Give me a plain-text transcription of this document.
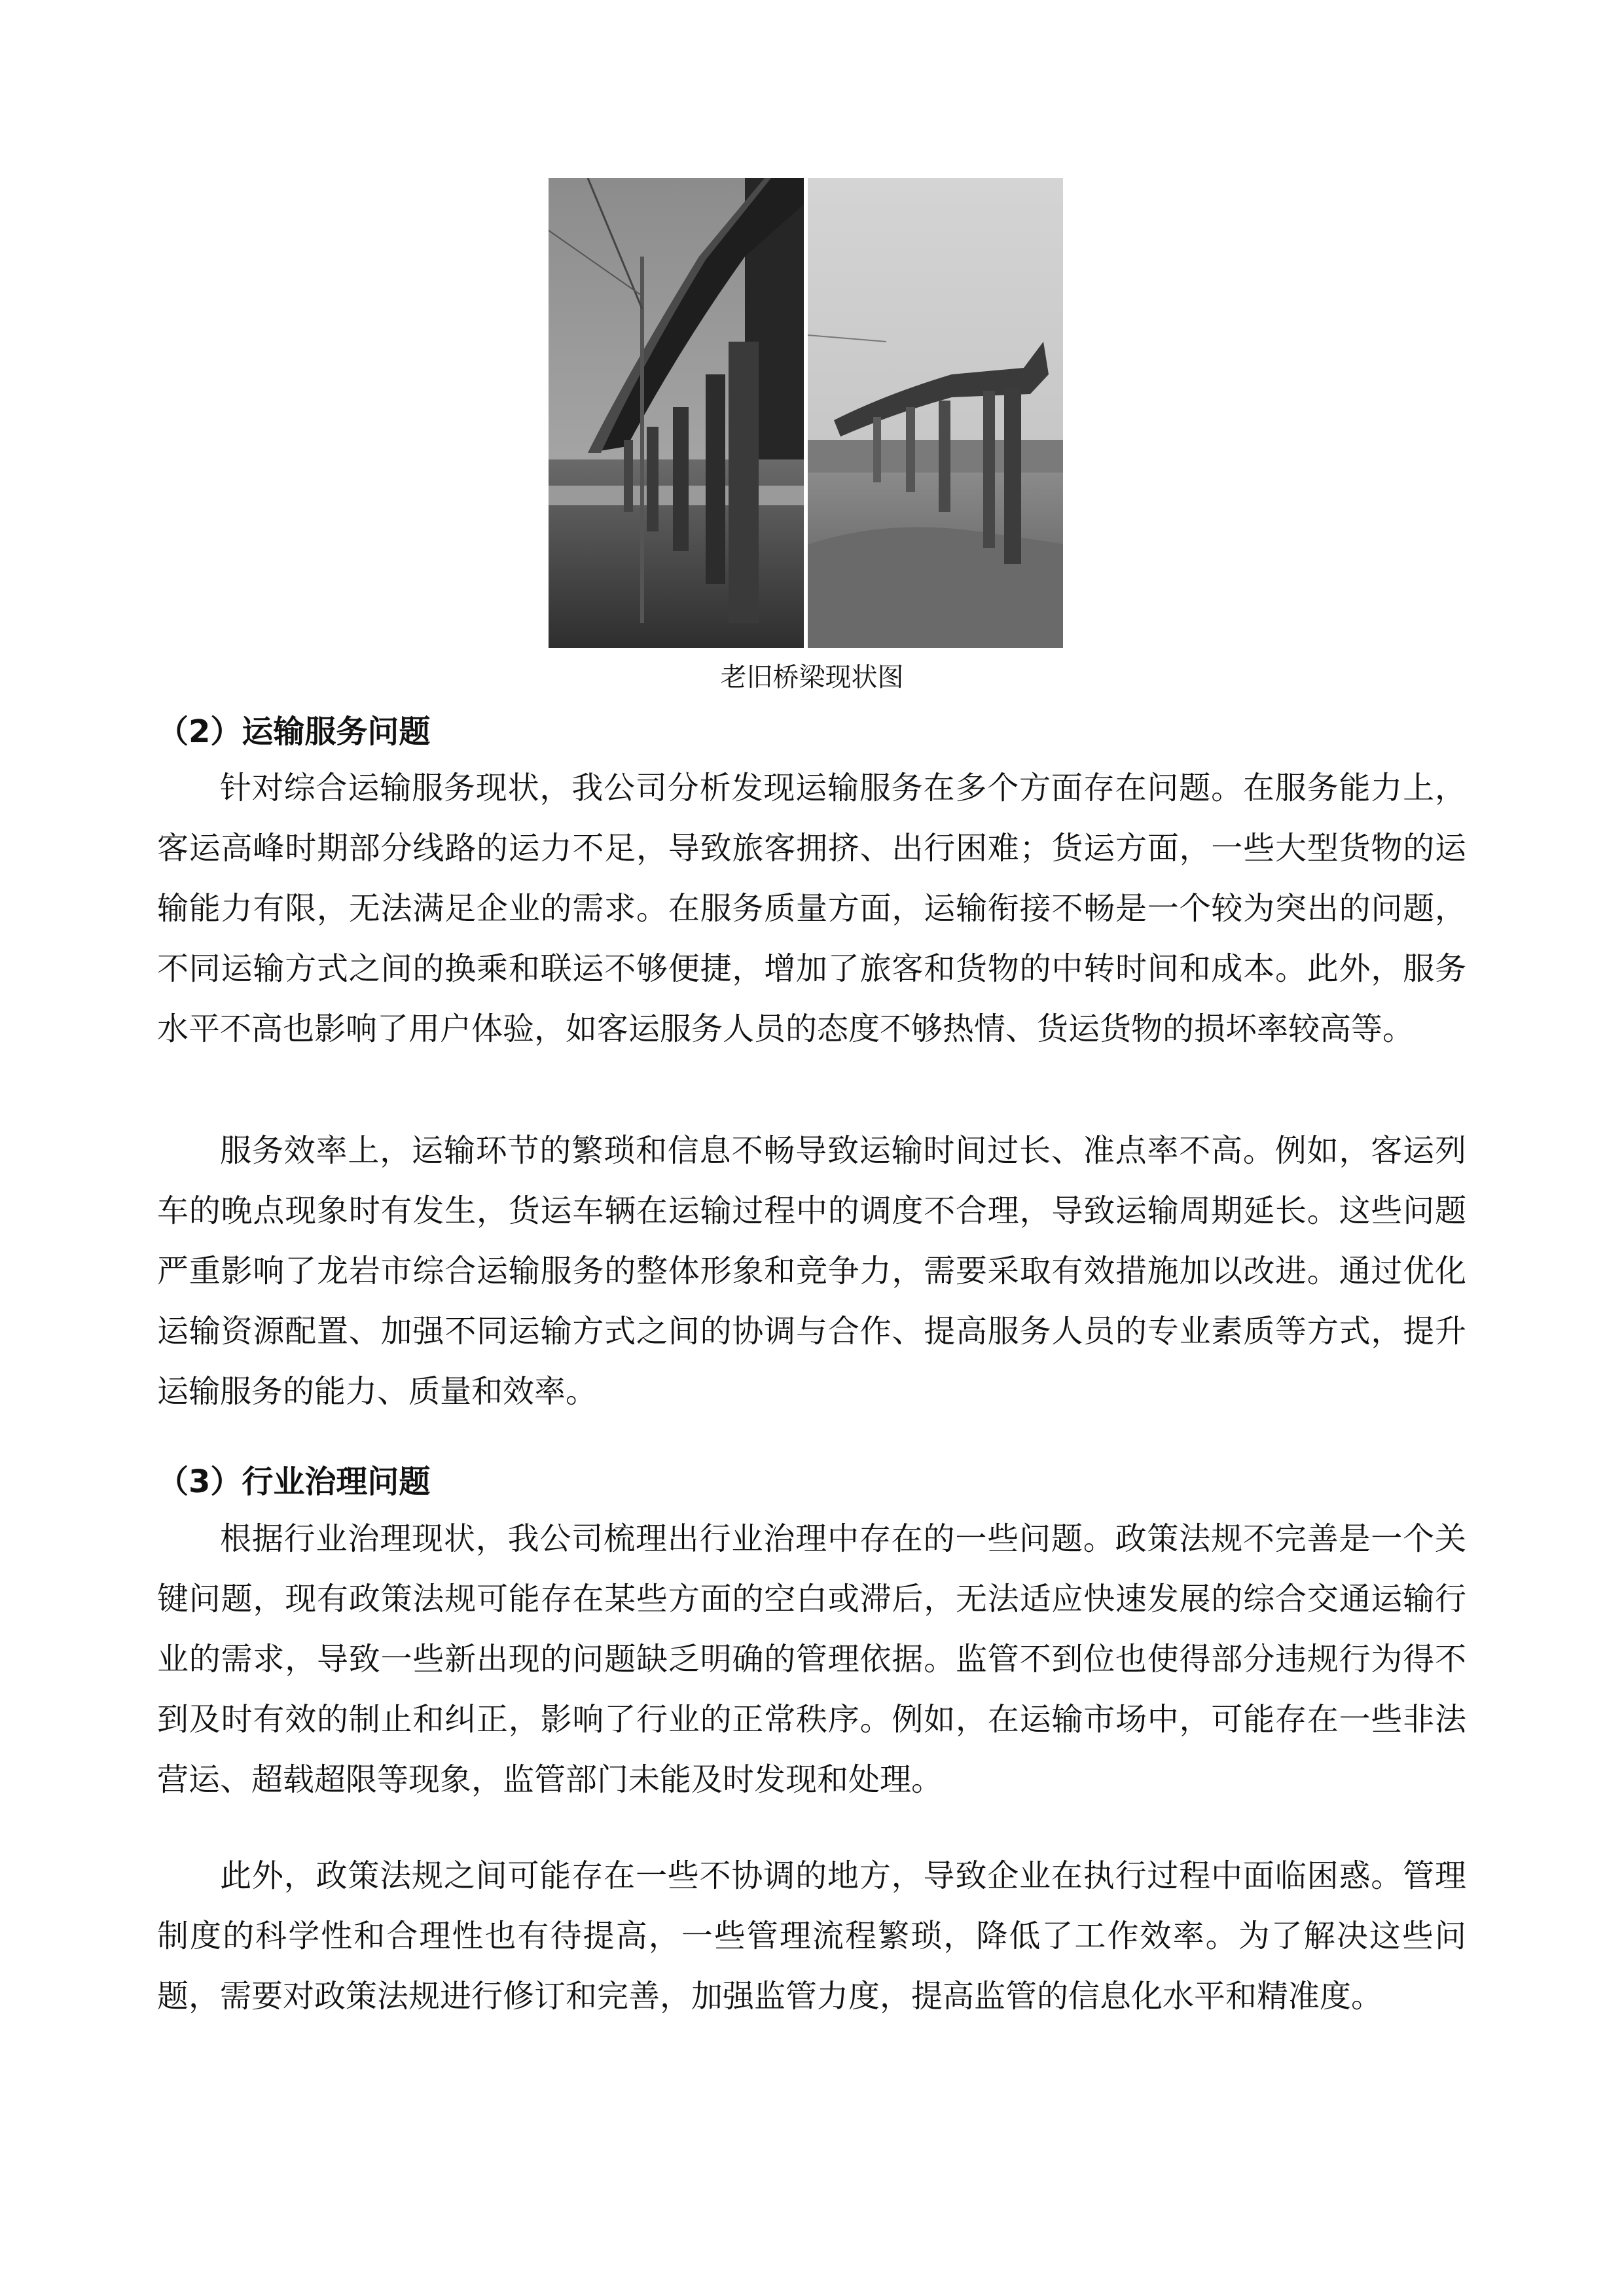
老旧桥梁现状图
（2）运输服务问题

针对综合运输服务现状，我公司分析发现运输服务在多个方面存在问题。在服务能力上，客运高峰时期部分线路的运力不足，导致旅客拥挤、出行困难；货运方面，一些大型货物的运输能力有限，无法满足企业的需求。在服务质量方面，运输衔接不畅是一个较为突出的问题，不同运输方式之间的换乘和联运不够便捷，增加了旅客和货物的中转时间和成本。此外，服务水平不高也影响了用户体验，如客运服务人员的态度不够热情、货运货物的损坏率较高等。

服务效率上，运输环节的繁琐和信息不畅导致运输时间过长、准点率不高。例如，客运列车的晚点现象时有发生，货运车辆在运输过程中的调度不合理，导致运输周期延长。这些问题严重影响了龙岩市综合运输服务的整体形象和竞争力，需要采取有效措施加以改进。通过优化运输资源配置、加强不同运输方式之间的协调与合作、提高服务人员的专业素质等方式，提升运输服务的能力、质量和效率。

（3）行业治理问题

根据行业治理现状，我公司梳理出行业治理中存在的一些问题。政策法规不完善是一个关键问题，现有政策法规可能存在某些方面的空白或滞后，无法适应快速发展的综合交通运输行业的需求，导致一些新出现的问题缺乏明确的管理依据。监管不到位也使得部分违规行为得不到及时有效的制止和纠正，影响了行业的正常秩序。例如，在运输市场中，可能存在一些非法营运、超载超限等现象，监管部门未能及时发现和处理。

此外，政策法规之间可能存在一些不协调的地方，导致企业在执行过程中面临困惑。管理制度的科学性和合理性也有待提高，一些管理流程繁琐，降低了工作效率。为了解决这些问题，需要对政策法规进行修订和完善，加强监管力度，提高监管的信息化水平和精准度。
